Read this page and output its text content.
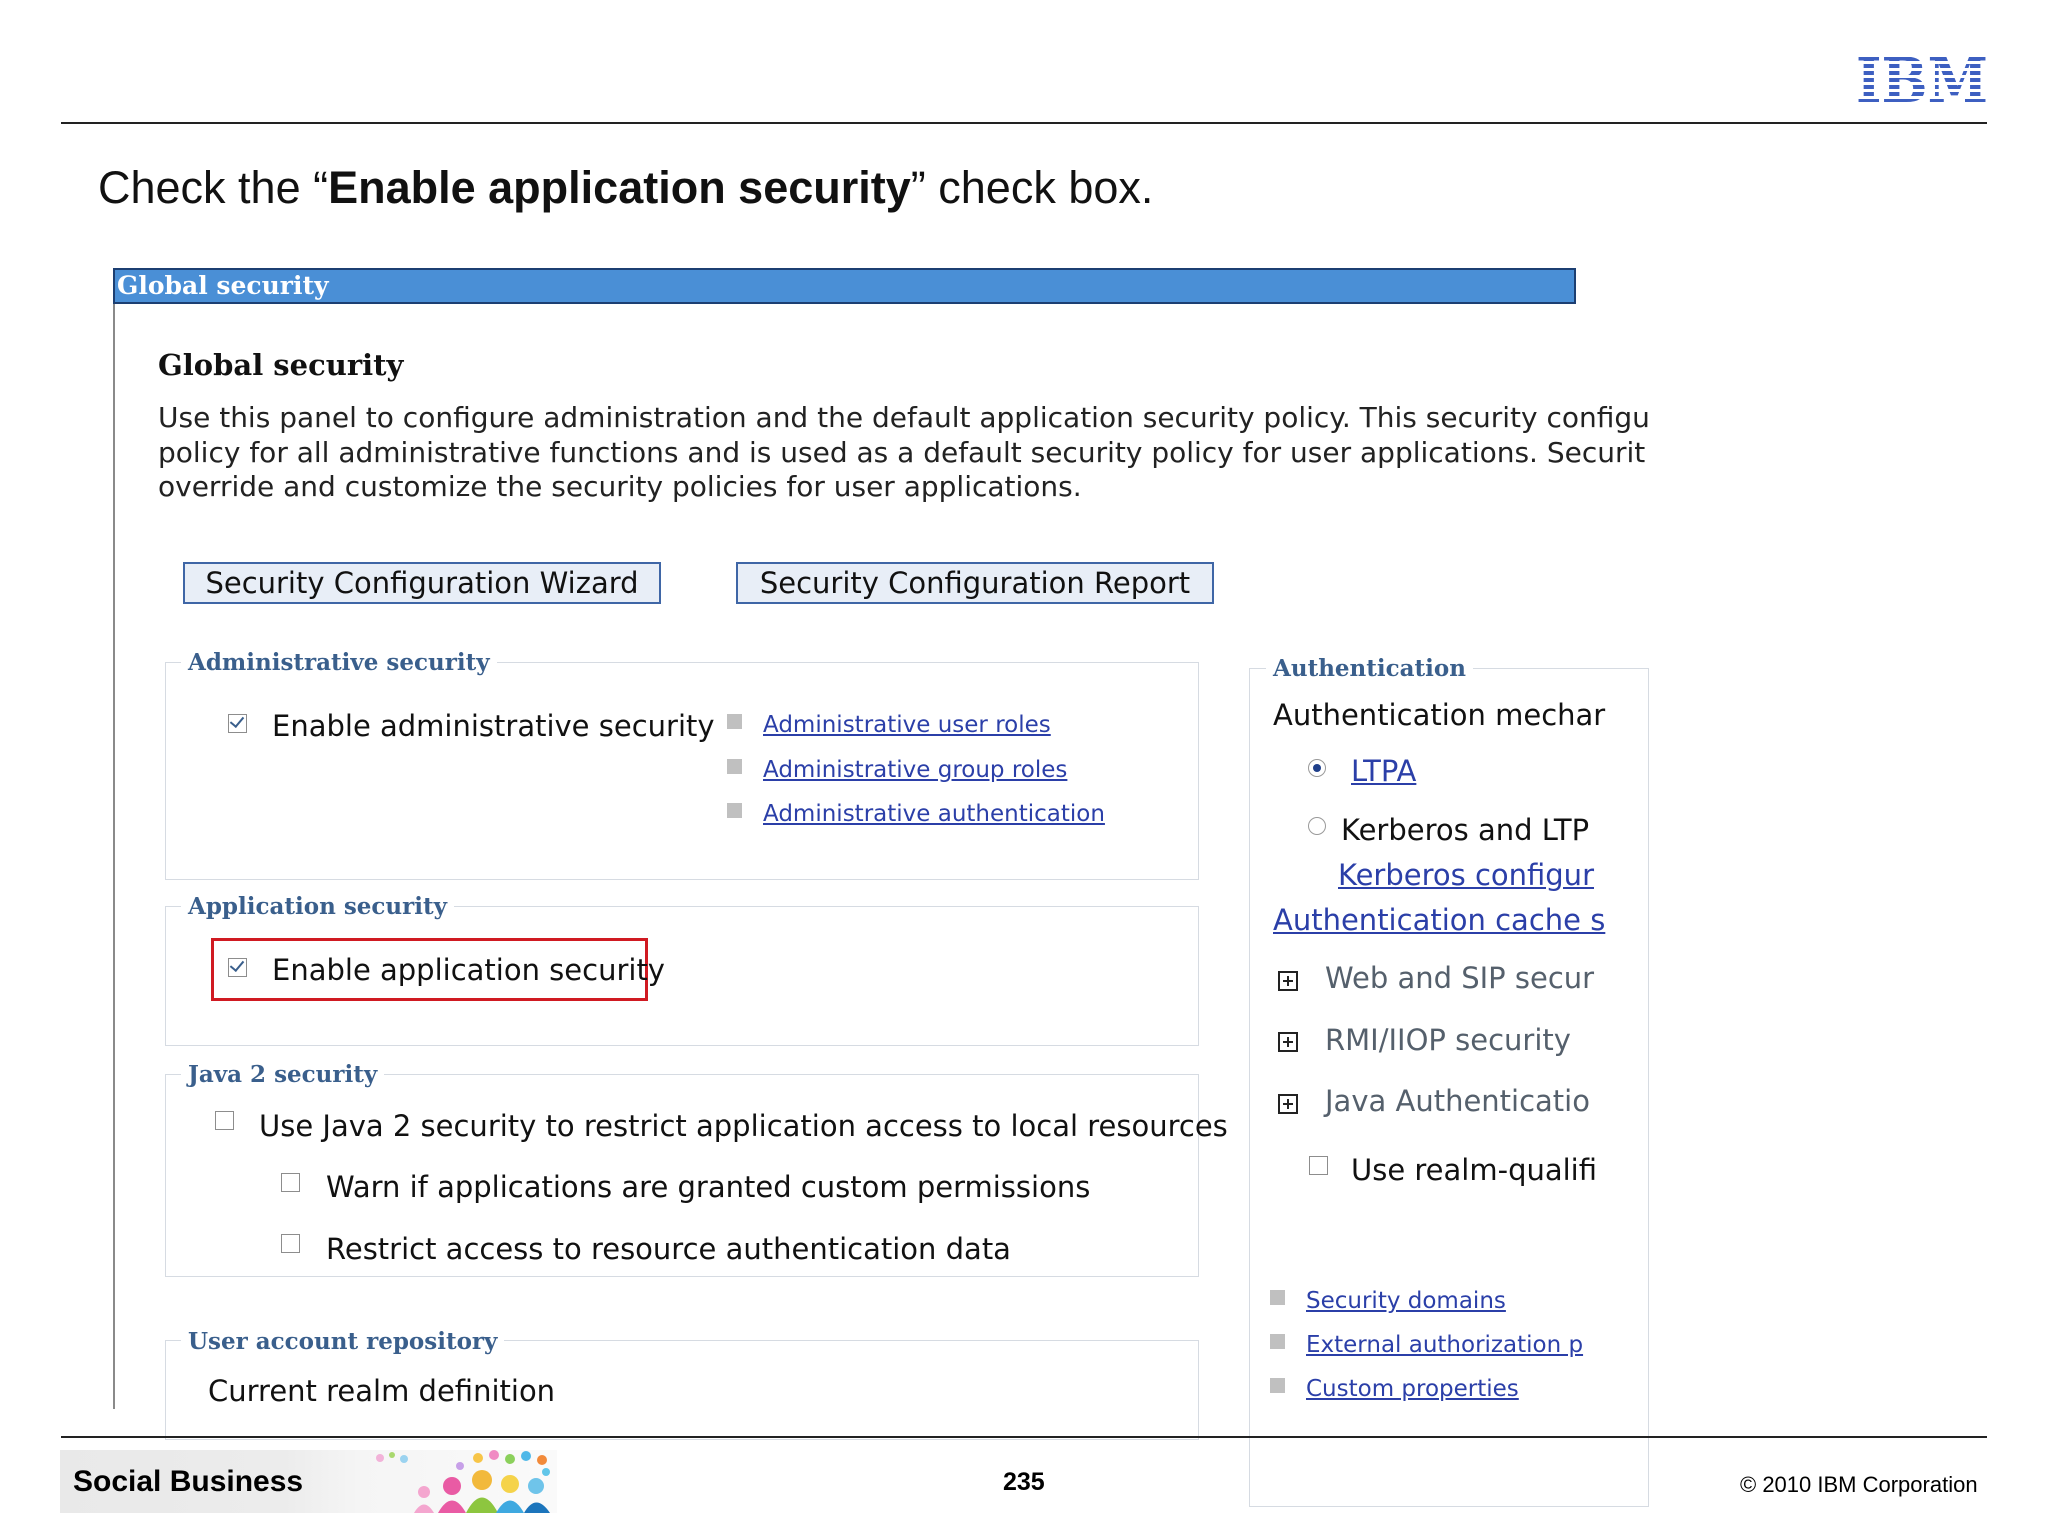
IBM
Check the “Enable application security” check box.
Global security
Global security
Use this panel to configure administration and the default application security policy. This security configu
policy for all administrative functions and is used as a default security policy for user applications. Securit
override and customize the security policies for user applications.
Security Configuration Wizard	Security Configuration Report
Administrative security
Enable administrative security Administrative user roles
Administrative group roles
Administrative authentication
Application security
Enable application security
Java 2 security
Use Java 2 security to restrict application access to local resources
Warn if applications are granted custom permissions
Restrict access to resource authentication data
User account repository
Current realm definition
Authentication
Authentication mechar
LTPA
Kerberos and LTP
Kerberos configur
Authentication cache s
Web and SIP secur
RMI/IIOP security
Java Authenticatio
Use realm-qualifi
Security domains
External authorization p
Custom properties
Social Business	235	© 2010 IBM Corporation
